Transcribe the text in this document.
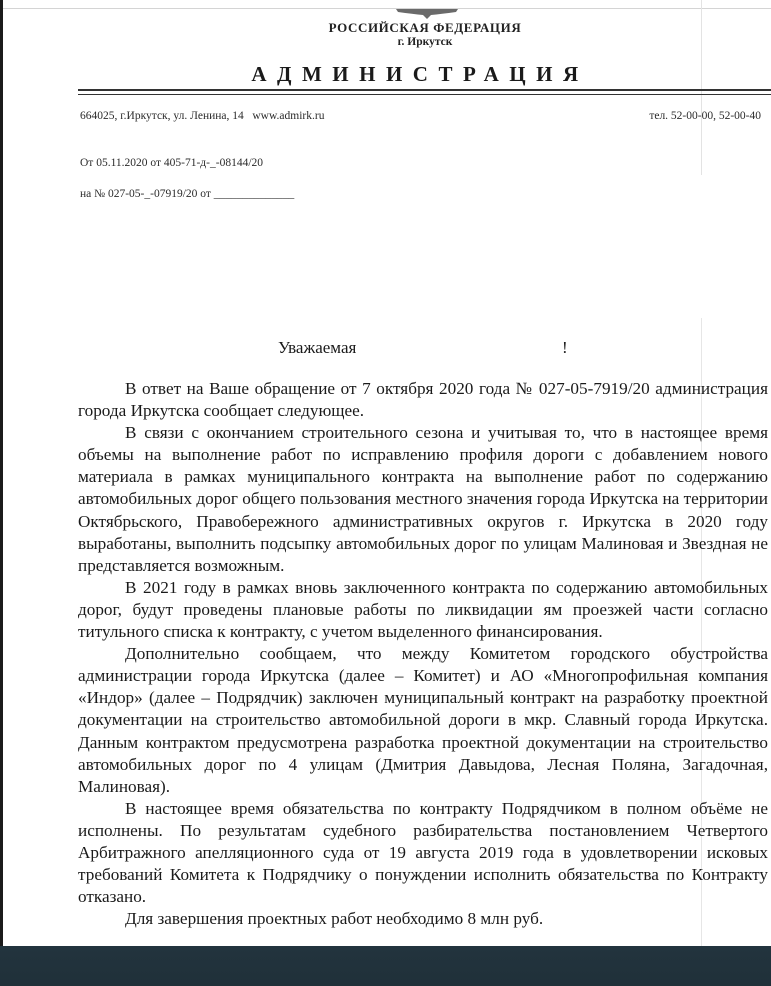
РОССИЙСКАЯ ФЕДЕРАЦИЯ
г. Иркутск
АДМИНИСТРАЦИЯ
664025, г.Иркутск, ул. Ленина, 14   www.admirk.ru	тел. 52-00-00, 52-00-40
От 05.11.2020 от 405-71-д-_-08144/20
на № 027-05-_-07919/20 от ______________
Уважаемая	!

В ответ на Ваше обращение от 7 октября 2020 года № 027-05-7919/20 администрация города Иркутска сообщает следующее.

В связи с окончанием строительного сезона и учитывая то, что в настоящее время объемы на выполнение работ по исправлению профиля дороги с добавлением нового материала в рамках муниципального контракта на выполнение работ по содержанию автомобильных дорог общего пользования местного значения города Иркутска на территории Октябрьского, Правобережного административных округов г. Иркутска в 2020 году выработаны, выполнить подсыпку автомобильных дорог по улицам Малиновая и Звездная не представляется возможным.

В 2021 году в рамках вновь заключенного контракта по содержанию автомобильных дорог, будут проведены плановые работы по ликвидации ям проезжей части согласно титульного списка к контракту, с учетом выделенного финансирования.

Дополнительно сообщаем, что между Комитетом городского обустройства администрации города Иркутска (далее – Комитет) и АО «Многопрофильная компания «Индор» (далее – Подрядчик) заключен муниципальный контракт на разработку проектной документации на строительство автомобильной дороги в мкр. Славный города Иркутска. Данным контрактом предусмотрена разработка проектной документации на строительство автомобильных дорог по 4 улицам (Дмитрия Давыдова, Лесная Поляна, Загадочная, Малиновая).

В настоящее время обязательства по контракту Подрядчиком в полном объёме не исполнены. По результатам судебного разбирательства постановлением Четвертого Арбитражного апелляционного суда от 19 августа 2019 года в удовлетворении исковых требований Комитета к Подрядчику о понуждении исполнить обязательства по Контракту отказано.

Для завершения проектных работ необходимо 8 млн руб.
